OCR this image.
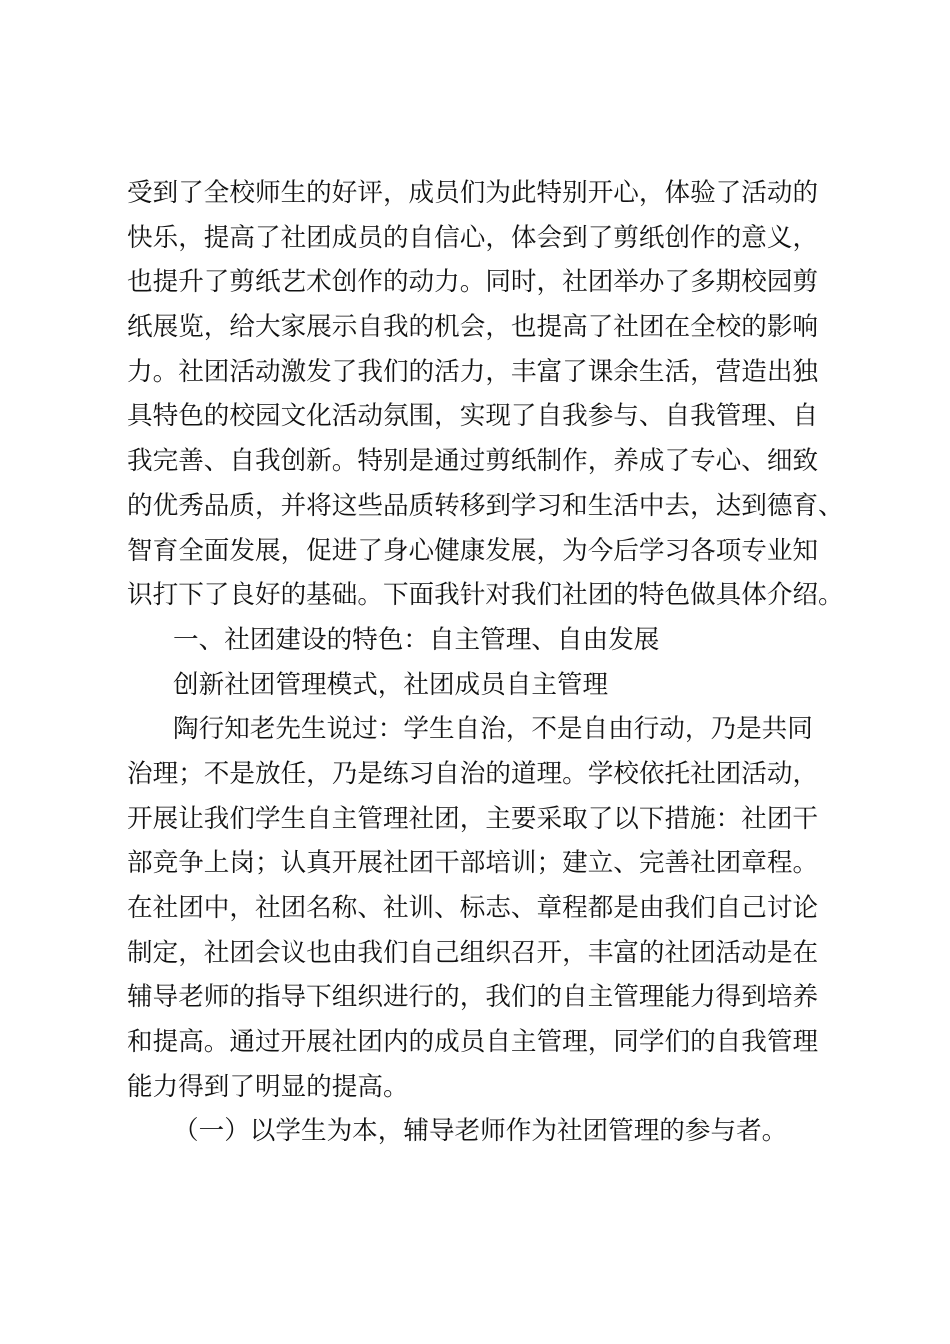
受到了全校师生的好评，成员们为此特别开心，体验了活动的
快乐，提高了社团成员的自信心，体会到了剪纸创作的意义，
也提升了剪纸艺术创作的动力。同时，社团举办了多期校园剪
纸展览，给大家展示自我的机会，也提高了社团在全校的影响
力。社团活动激发了我们的活力，丰富了课余生活，营造出独
具特色的校园文化活动氛围，实现了自我参与、自我管理、自
我完善、自我创新。特别是通过剪纸制作，养成了专心、细致
的优秀品质，并将这些品质转移到学习和生活中去，达到德育、
智育全面发展，促进了身心健康发展，为今后学习各项专业知
识打下了良好的基础。下面我针对我们社团的特色做具体介绍。
一、社团建设的特色：自主管理、自由发展
创新社团管理模式，社团成员自主管理
陶行知老先生说过：学生自治，不是自由行动，乃是共同
治理；不是放任，乃是练习自治的道理。学校依托社团活动，
开展让我们学生自主管理社团，主要采取了以下措施：社团干
部竞争上岗；认真开展社团干部培训；建立、完善社团章程。
在社团中，社团名称、社训、标志、章程都是由我们自己讨论
制定，社团会议也由我们自己组织召开，丰富的社团活动是在
辅导老师的指导下组织进行的，我们的自主管理能力得到培养
和提高。通过开展社团内的成员自主管理，同学们的自我管理
能力得到了明显的提高。
（一）以学生为本，辅导老师作为社团管理的参与者。
